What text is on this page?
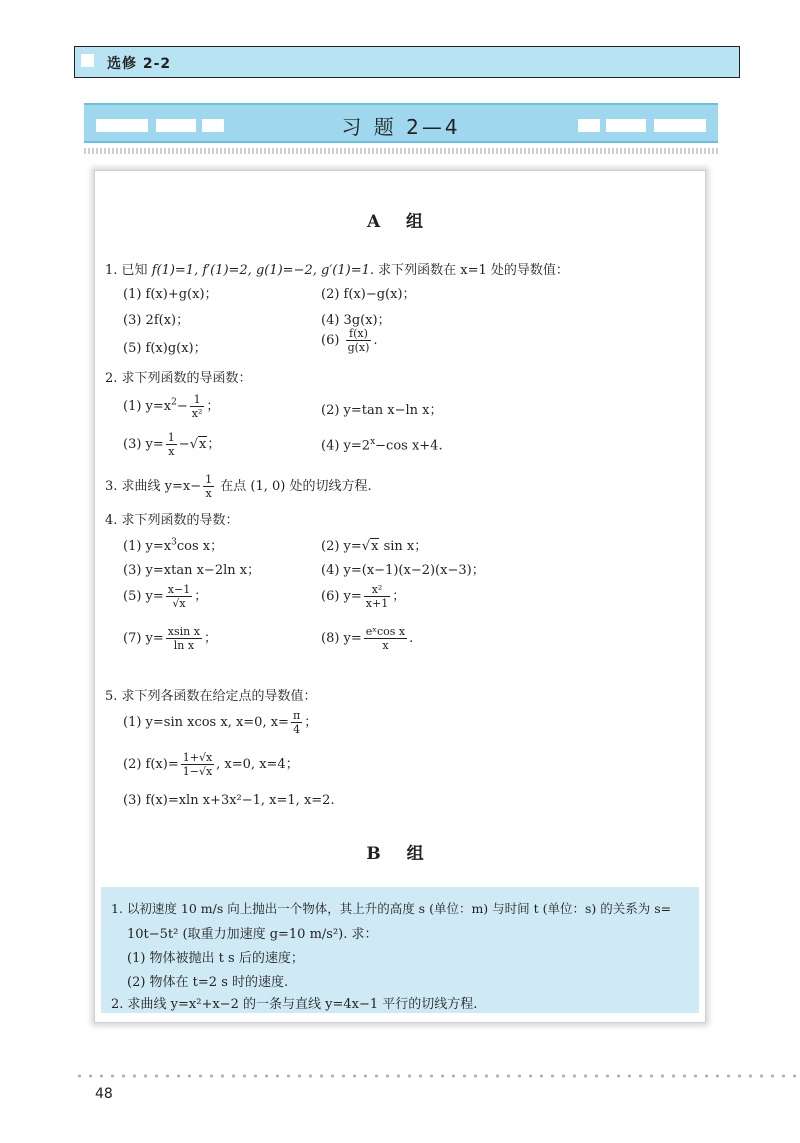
选修 2-2
习 题 2—4
A 组
1. 已知 f(1)=1, f′(1)=2, g(1)=−2, g′(1)=1. 求下列函数在 x=1 处的导数值：
(1) f(x)+g(x)；	(2) f(x)−g(x)；
(3) 2f(x)；	(4) 3g(x)；
(5) f(x)g(x)；
$(6) \frac{f(x)}{g(x)}$ .
2. 求下列函数的导函数：
(1) $y=x^2- \frac{1}{\text{x²}}$ ；	(2) y=tan x−ln x；
(3) $y= \frac{1}{x} -√x$；	(4) $y=2^x-\cos$ x+4.
3. 求曲线 $y=x- \frac{1}{x}$ 在点 (1, 0) 处的切线方程.
4. 求下列函数的导数：
(1) $y=x^3\cos$ x；	(2) y=√x sin x；
(3) y=xtan x−2ln x；	(4) y=(x−1)(x−2)(x−3)；
(5) $y= \frac{x-1}{√x}$ ；	(6) $y= \frac{\text{x²}}{x+1}$ ；
(7) $y= \frac{\text{xsin x}}{\text{ln x}}$ ；	(8) $y= \frac{\text{eˣcos x}}{x}$ .
5. 求下列各函数在给定点的导数值：
(1) y=sin xcos x, x=0, $x= \frac{\pi}{4}$ ；
(2) $f(x)= \frac{1+√x}{1-√x}$ , x=0, x=4；
(3) f(x)=xln x+3x²−1, x=1, x=2.
B 组
1. 以初速度 10 m/s 向上抛出一个物体，其上升的高度 s (单位：m) 与时间 t (单位：s) 的关系为 s=
10t−5t² (取重力加速度 g=10 m/s²). 求：
(1) 物体被抛出 t s 后的速度；
(2) 物体在 t=2 s 时的速度.
2. 求曲线 y=x²+x−2 的一条与直线 y=4x−1 平行的切线方程.
48
